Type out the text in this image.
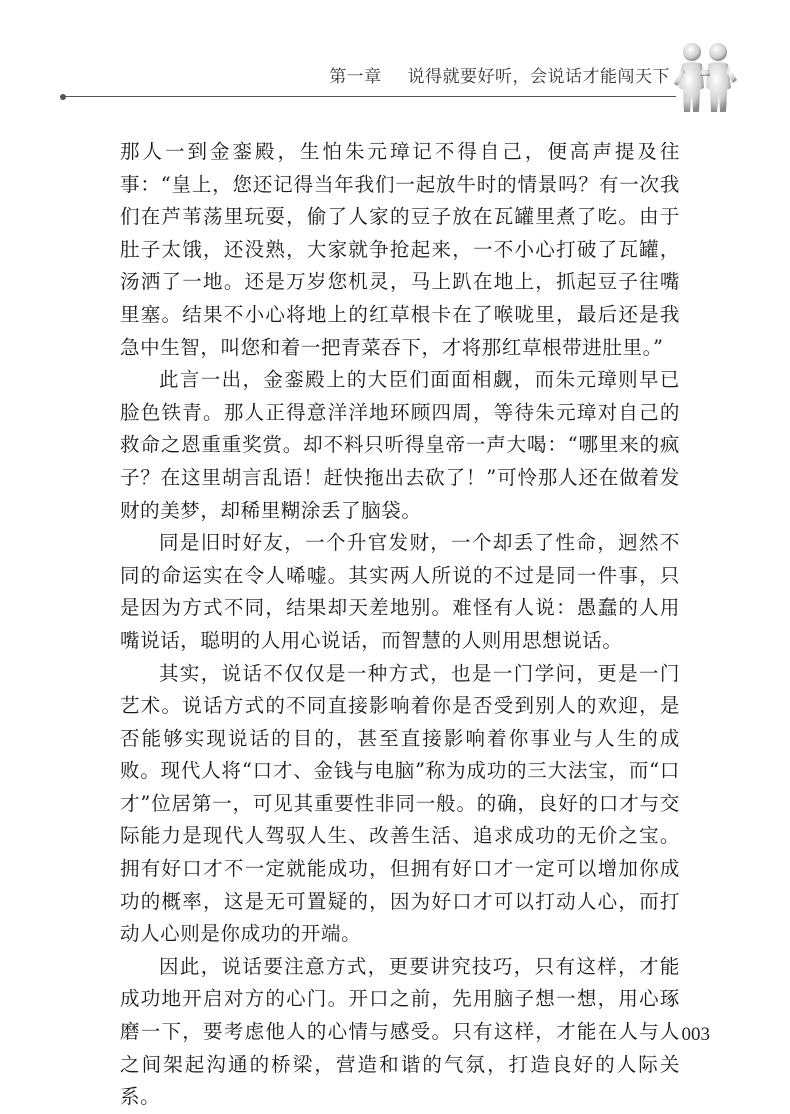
第一章 说得就要好听，会说话才能闯天下

那人一到金銮殿，生怕朱元璋记不得自己，便高声提及往事：“皇上，您还记得当年我们一起放牛时的情景吗？有一次我们在芦苇荡里玩耍，偷了人家的豆子放在瓦罐里煮了吃。由于肚子太饿，还没熟，大家就争抢起来，一不小心打破了瓦罐，汤洒了一地。还是万岁您机灵，马上趴在地上，抓起豆子往嘴里塞。结果不小心将地上的红草根卡在了喉咙里，最后还是我急中生智，叫您和着一把青菜吞下，才将那红草根带进肚里。”

此言一出，金銮殿上的大臣们面面相觑，而朱元璋则早已脸色铁青。那人正得意洋洋地环顾四周，等待朱元璋对自己的救命之恩重重奖赏。却不料只听得皇帝一声大喝：“哪里来的疯子？在这里胡言乱语！赶快拖出去砍了！”可怜那人还在做着发财的美梦，却稀里糊涂丢了脑袋。

同是旧时好友，一个升官发财，一个却丢了性命，迥然不同的命运实在令人唏嘘。其实两人所说的不过是同一件事，只是因为方式不同，结果却天差地别。难怪有人说：愚蠢的人用嘴说话，聪明的人用心说话，而智慧的人则用思想说话。

其实，说话不仅仅是一种方式，也是一门学问，更是一门艺术。说话方式的不同直接影响着你是否受到别人的欢迎，是否能够实现说话的目的，甚至直接影响着你事业与人生的成败。现代人将“口才、金钱与电脑”称为成功的三大法宝，而“口才”位居第一，可见其重要性非同一般。的确，良好的口才与交际能力是现代人驾驭人生、改善生活、追求成功的无价之宝。拥有好口才不一定就能成功，但拥有好口才一定可以增加你成功的概率，这是无可置疑的，因为好口才可以打动人心，而打动人心则是你成功的开端。

因此，说话要注意方式，更要讲究技巧，只有这样，才能成功地开启对方的心门。开口之前，先用脑子想一想，用心琢磨一下，要考虑他人的心情与感受。只有这样，才能在人与人之间架起沟通的桥梁，营造和谐的气氛，打造良好的人际关系。

003
